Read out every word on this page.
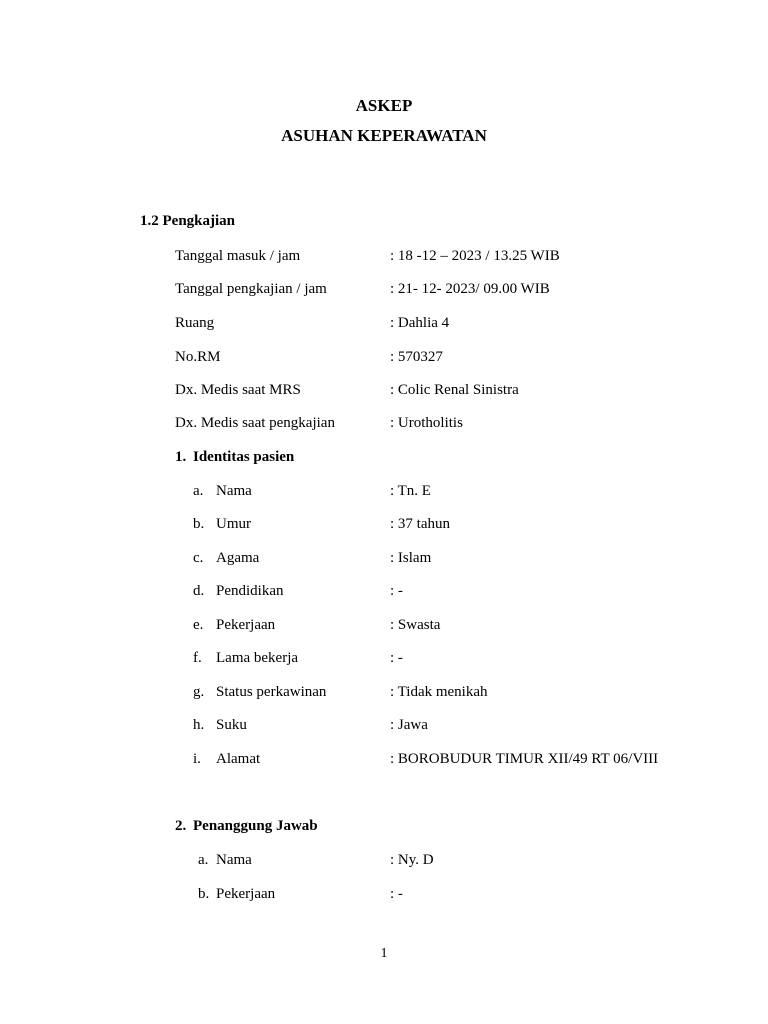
ASKEP
ASUHAN KEPERAWATAN
1.2 Pengkajian
Tanggal masuk / jam	: 18 -12 – 2023 / 13.25 WIB
Tanggal pengkajian / jam	: 21- 12- 2023/ 09.00 WIB
Ruang	: Dahlia 4
No.RM	: 570327
Dx. Medis saat MRS	: Colic Renal Sinistra
Dx. Medis saat pengkajian	: Urotholitis
1. Identitas pasien
a. Nama	: Tn. E
b. Umur	: 37 tahun
c. Agama	: Islam
d. Pendidikan	: -
e. Pekerjaan	: Swasta
f. Lama bekerja	: -
g. Status perkawinan	: Tidak menikah
h. Suku	: Jawa
i. Alamat	: BOROBUDUR TIMUR XII/49 RT 06/VIII
2. Penanggung Jawab
a. Nama	: Ny. D
b. Pekerjaan	: -
1
